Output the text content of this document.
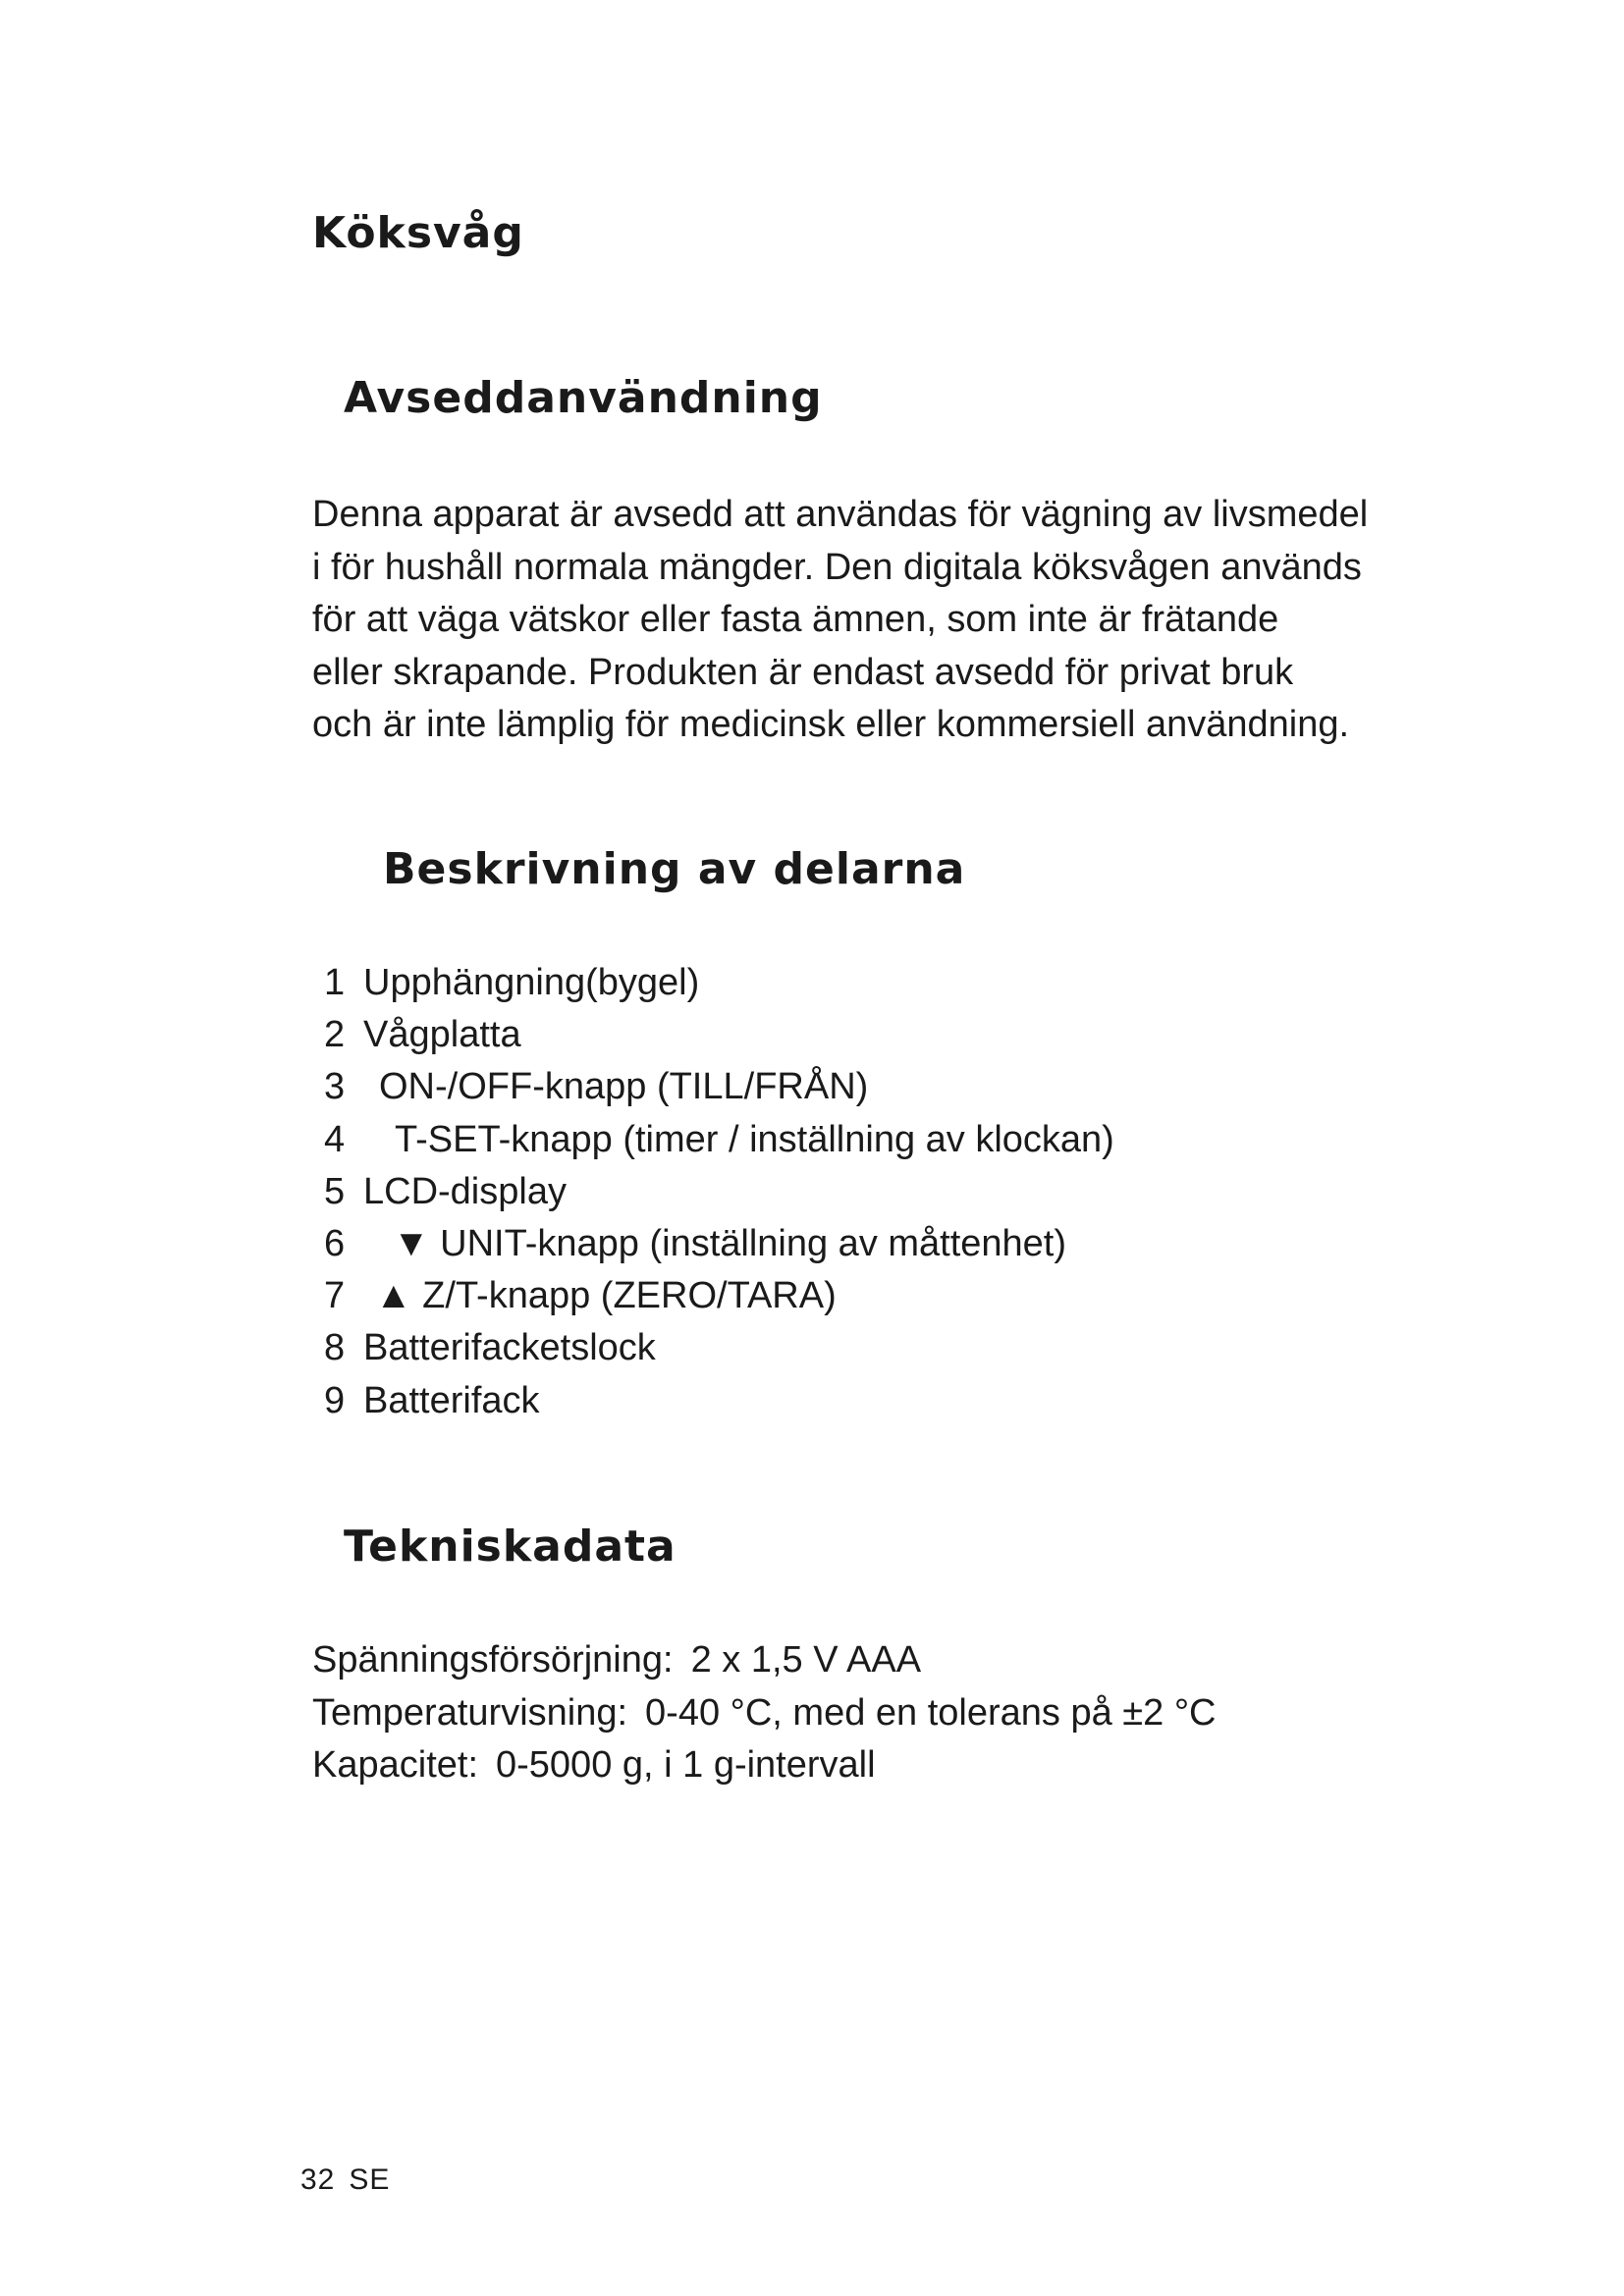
Köksvåg
Avseddanvändning

Denna apparat är avsedd att användas för vägning av livsmedel
i för hushåll normala mängder. Den digitala köksvågen används
för att väga vätskor eller fasta ämnen, som inte är frätande
eller skrapande. Produkten är endast avsedd för privat bruk
och är inte lämplig för medicinsk eller kommersiell användning.

Beskrivning av delarna
1 Upphängning(bygel)
2 Vågplatta
3 ON-/OFF-knapp (TILL/FRÅN)
4 T-SET-knapp (timer / inställning av klockan)
5 LCD-display
6 ▼ UNIT-knapp (inställning av måttenhet)
7 ▲ Z/T-knapp (ZERO/TARA)
8 Batterifacketslock
9 Batterifack
Tekniskadata
Spänningsförsörjning: 2 x 1,5 V AAA
Temperaturvisning: 0-40 °C, med en tolerans på ±2 °C
Kapacitet: 0-5000 g, i 1 g-intervall
32 SE
